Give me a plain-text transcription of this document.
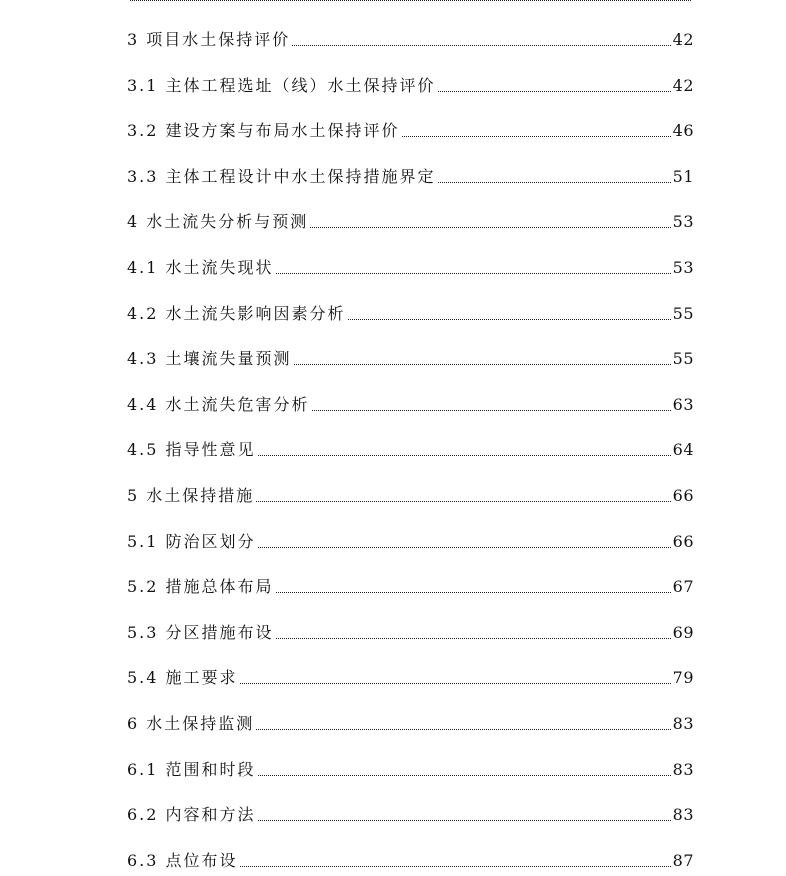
3 项目水土保持评价	42
3.1 主体工程选址（线）水土保持评价	42
3.2 建设方案与布局水土保持评价	46
3.3 主体工程设计中水土保持措施界定	51
4 水土流失分析与预测	53
4.1 水土流失现状	53
4.2 水土流失影响因素分析	55
4.3 土壤流失量预测	55
4.4 水土流失危害分析	63
4.5 指导性意见	64
5 水土保持措施	66
5.1 防治区划分	66
5.2 措施总体布局	67
5.3 分区措施布设	69
5.4 施工要求	79
6 水土保持监测	83
6.1 范围和时段	83
6.2 内容和方法	83
6.3 点位布设	87
